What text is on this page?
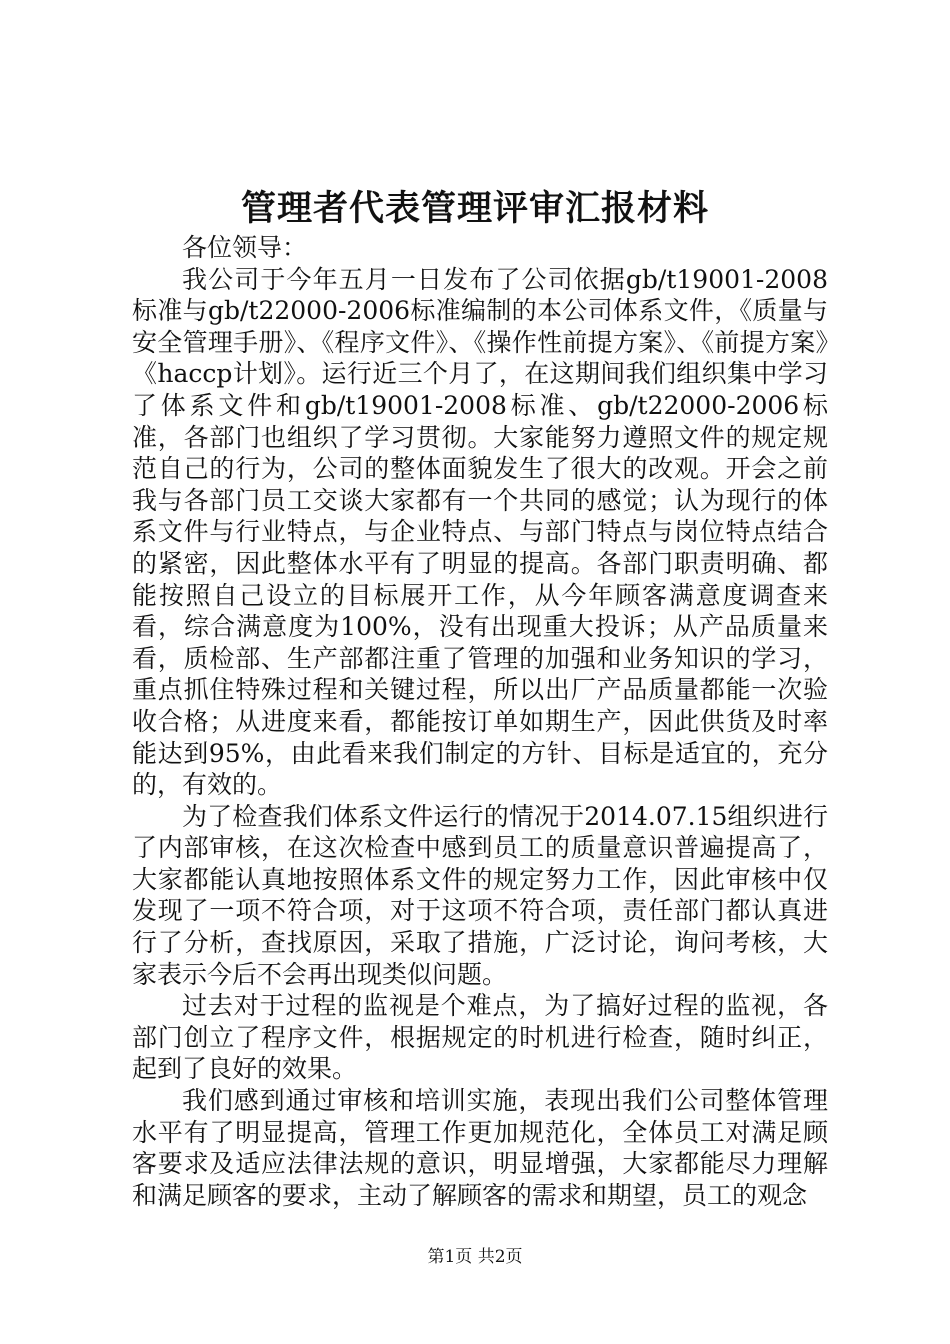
管理者代表管理评审汇报材料

各位领导：

我公司于今年五月一日发布了公司依据gb/t19001-2008标准与gb/t22000-2006标准编制的本公司体系文件，《质量与安全管理手册》、《程序文件》、《操作性前提方案》、《前提方案》《haccp计划》。运行近三个月了，在这期间我们组织集中学习了体系文件和gb/t19001-2008标准、gb/t22000-2006标准，各部门也组织了学习贯彻。大家能努力遵照文件的规定规范自己的行为，公司的整体面貌发生了很大的改观。开会之前我与各部门员工交谈大家都有一个共同的感觉；认为现行的体系文件与行业特点，与企业特点、与部门特点与岗位特点结合的紧密，因此整体水平有了明显的提高。各部门职责明确、都能按照自己设立的目标展开工作，从今年顾客满意度调查来看，综合满意度为100%，没有出现重大投诉；从产品质量来看，质检部、生产部都注重了管理的加强和业务知识的学习，重点抓住特殊过程和关键过程，所以出厂产品质量都能一次验收合格；从进度来看，都能按订单如期生产，因此供货及时率能达到95%，由此看来我们制定的方针、目标是适宜的，充分的，有效的。

为了检查我们体系文件运行的情况于2014.07.15组织进行了内部审核，在这次检查中感到员工的质量意识普遍提高了，大家都能认真地按照体系文件的规定努力工作，因此审核中仅发现了一项不符合项，对于这项不符合项，责任部门都认真进行了分析，查找原因，采取了措施，广泛讨论，询问考核，大家表示今后不会再出现类似问题。

过去对于过程的监视是个难点，为了搞好过程的监视，各部门创立了程序文件，根据规定的时机进行检查，随时纠正，起到了良好的效果。

我们感到通过审核和培训实施，表现出我们公司整体管理水平有了明显提高，管理工作更加规范化，全体员工对满足顾客要求及适应法律法规的意识，明显增强，大家都能尽力理解和满足顾客的要求，主动了解顾客的需求和期望，员工的观念

第1页 共2页
